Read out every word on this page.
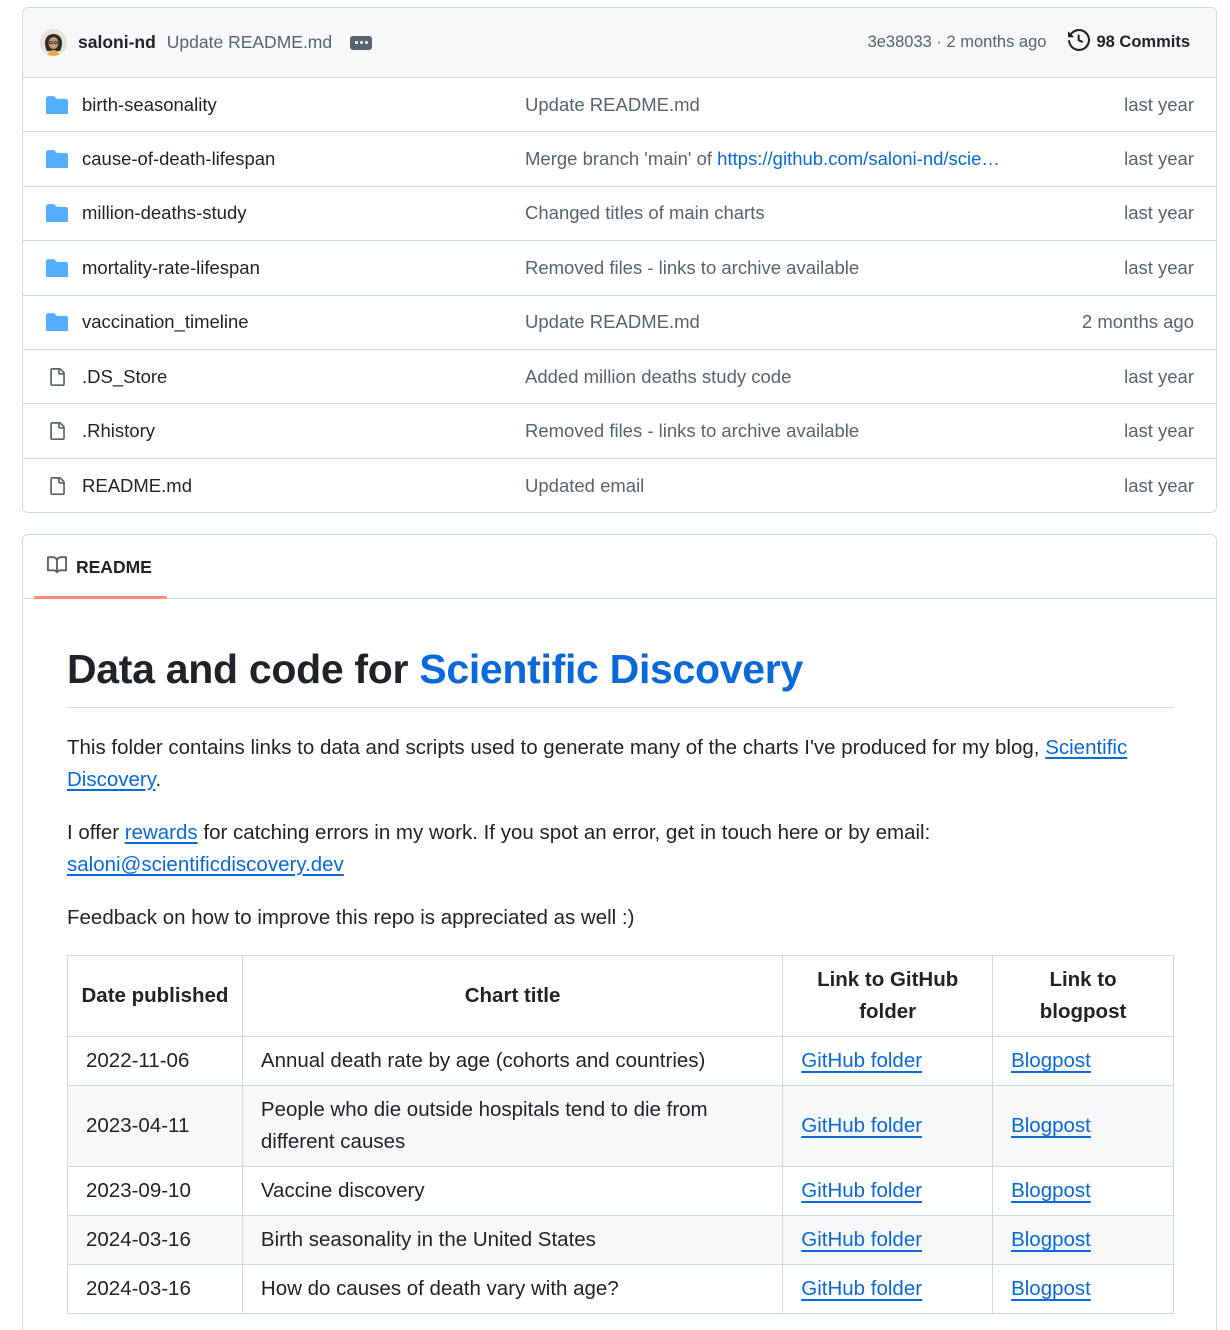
saloni-nd Update README.md	3e38033 · 2 months ago	98 Commits
birth-seasonality	Update README.md	last year
cause-of-death-lifespan	Merge branch 'main' of https://github.com/saloni-nd/scie…	last year
million-deaths-study	Changed titles of main charts	last year
mortality-rate-lifespan	Removed files - links to archive available	last year
vaccination_timeline	Update README.md	2 months ago
.DS_Store	Added million deaths study code	last year
.Rhistory	Removed files - links to archive available	last year
README.md	Updated email	last year
README
Data and code for Scientific Discovery

This folder contains links to data and scripts used to generate many of the charts I've produced for my blog, Scientific Discovery.

I offer rewards for catching errors in my work. If you spot an error, get in touch here or by email: saloni@scientificdiscovery.dev

Feedback on how to improve this repo is appreciated as well :)

Date published	Chart title	Link to GitHub folder	Link to blogpost
2022-11-06	Annual death rate by age (cohorts and countries)	GitHub folder	Blogpost
2023-04-11	People who die outside hospitals tend to die from different causes	GitHub folder	Blogpost
2023-09-10	Vaccine discovery	GitHub folder	Blogpost
2024-03-16	Birth seasonality in the United States	GitHub folder	Blogpost
2024-03-16	How do causes of death vary with age?	GitHub folder	Blogpost
